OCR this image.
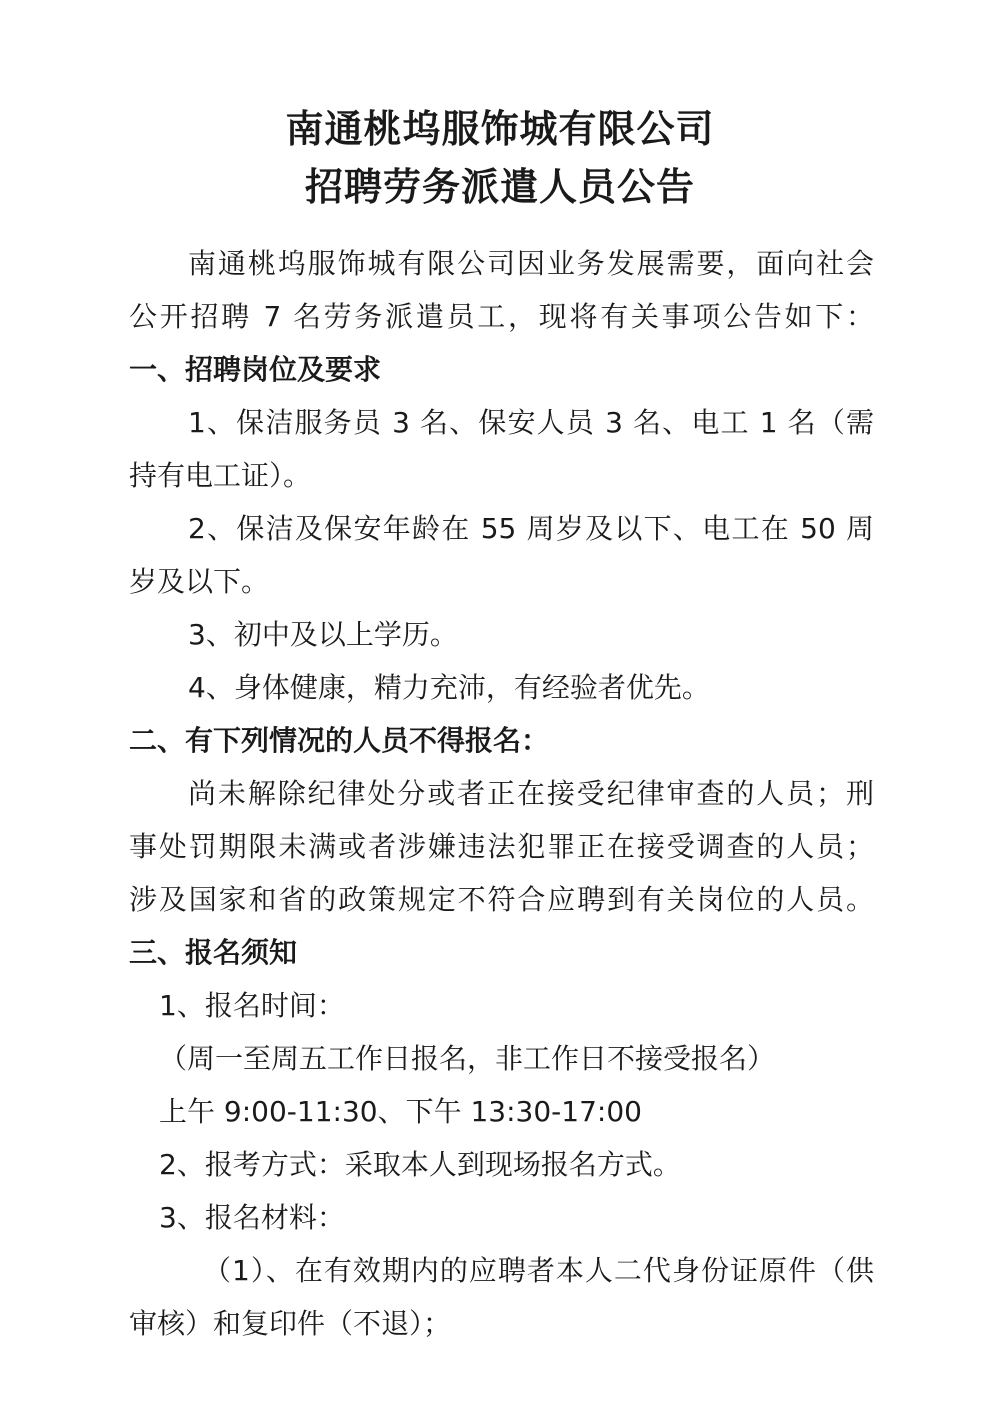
南通桃坞服饰城有限公司
招聘劳务派遣人员公告
南通桃坞服饰城有限公司因业务发展需要，面向社会
公开招聘 7 名劳务派遣员工，现将有关事项公告如下：
一、招聘岗位及要求
1、保洁服务员 3 名、保安人员 3 名、电工 1 名（需
持有电工证）。
2、保洁及保安年龄在 55 周岁及以下、电工在 50 周
岁及以下。
3、初中及以上学历。
4、身体健康，精力充沛，有经验者优先。
二、有下列情况的人员不得报名：
尚未解除纪律处分或者正在接受纪律审查的人员；刑
事处罚期限未满或者涉嫌违法犯罪正在接受调查的人员；
涉及国家和省的政策规定不符合应聘到有关岗位的人员。
三、报名须知
1、报名时间：
（周一至周五工作日报名，非工作日不接受报名）
上午 9:00-11:30、下午 13:30-17:00
2、报考方式：采取本人到现场报名方式。
3、报名材料：
（1）、在有效期内的应聘者本人二代身份证原件（供
审核）和复印件（不退）；
